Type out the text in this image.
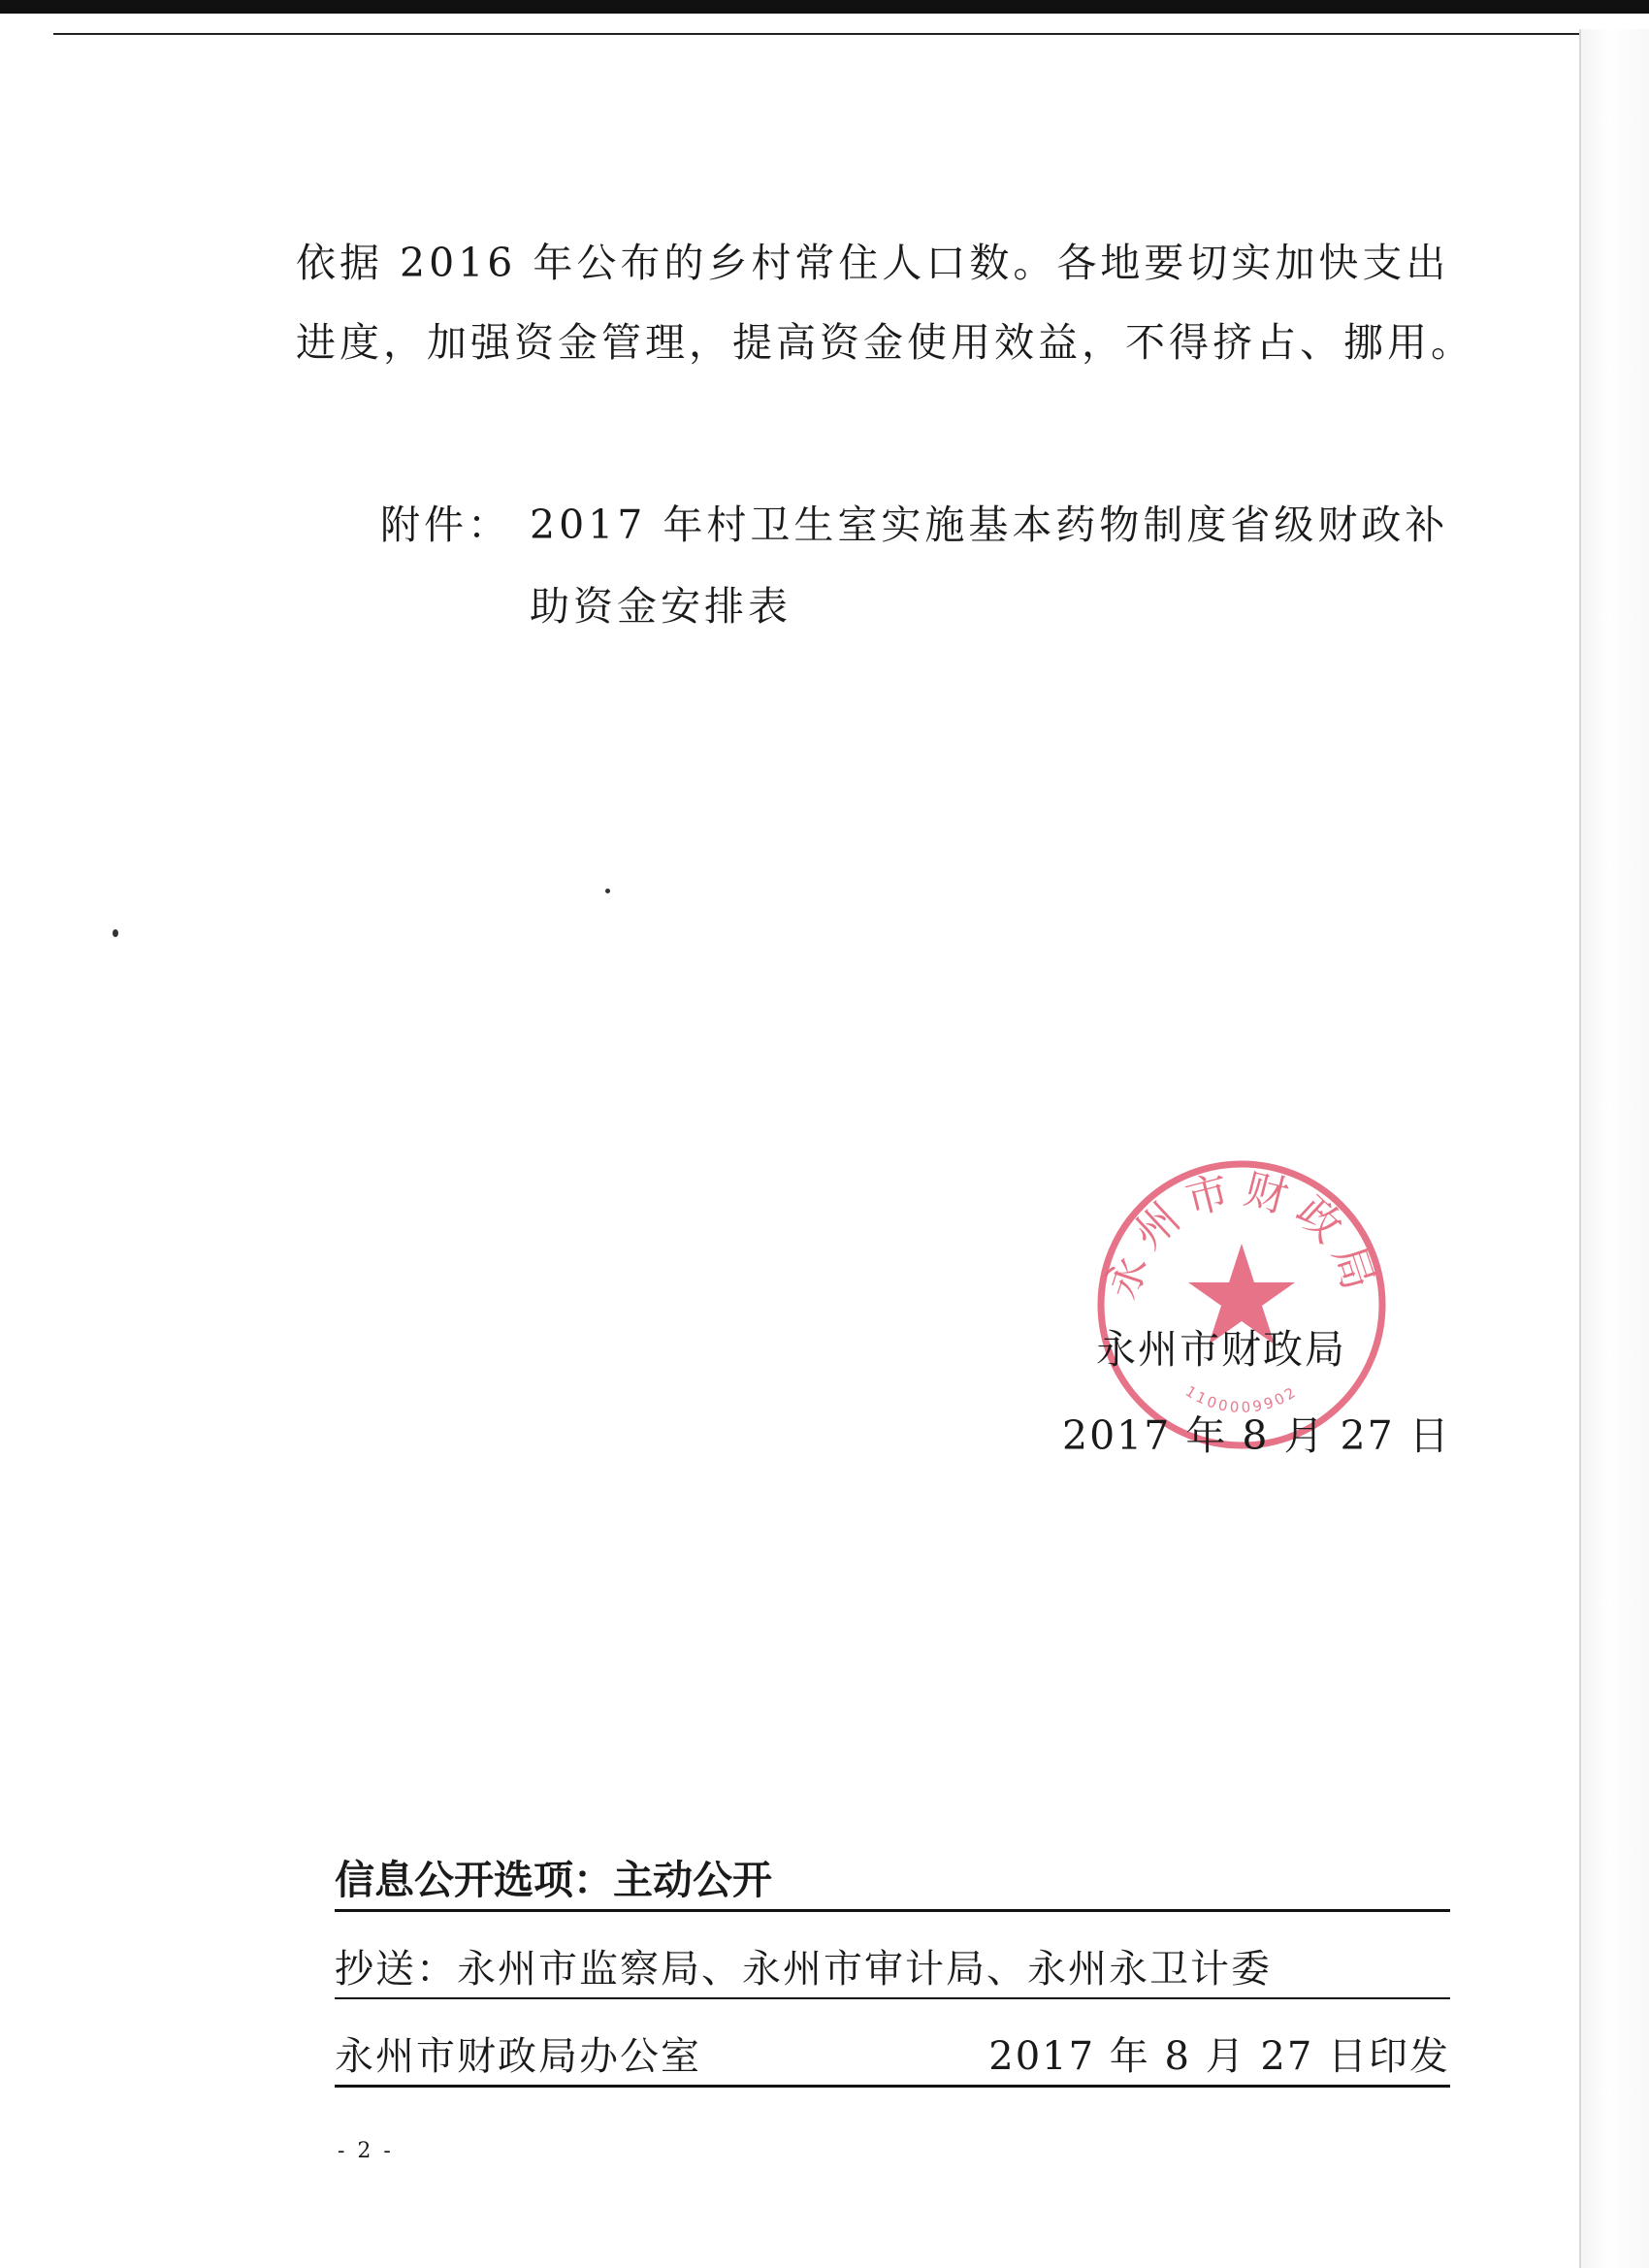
依据 2016 年公布的乡村常住人口数。各地要切实加快支出
进度，加强资金管理，提高资金使用效益，不得挤占、挪用。
附件： 2017 年村卫生室实施基本药物制度省级财政补
助资金安排表
永州市财政局
1100009902
永州市财政局
2017 年 8 月 27 日
信息公开选项：主动公开
抄送：永州市监察局、永州市审计局、永州永卫计委
永州市财政局办公室	2017 年 8 月 27 日印发
- 2 -
